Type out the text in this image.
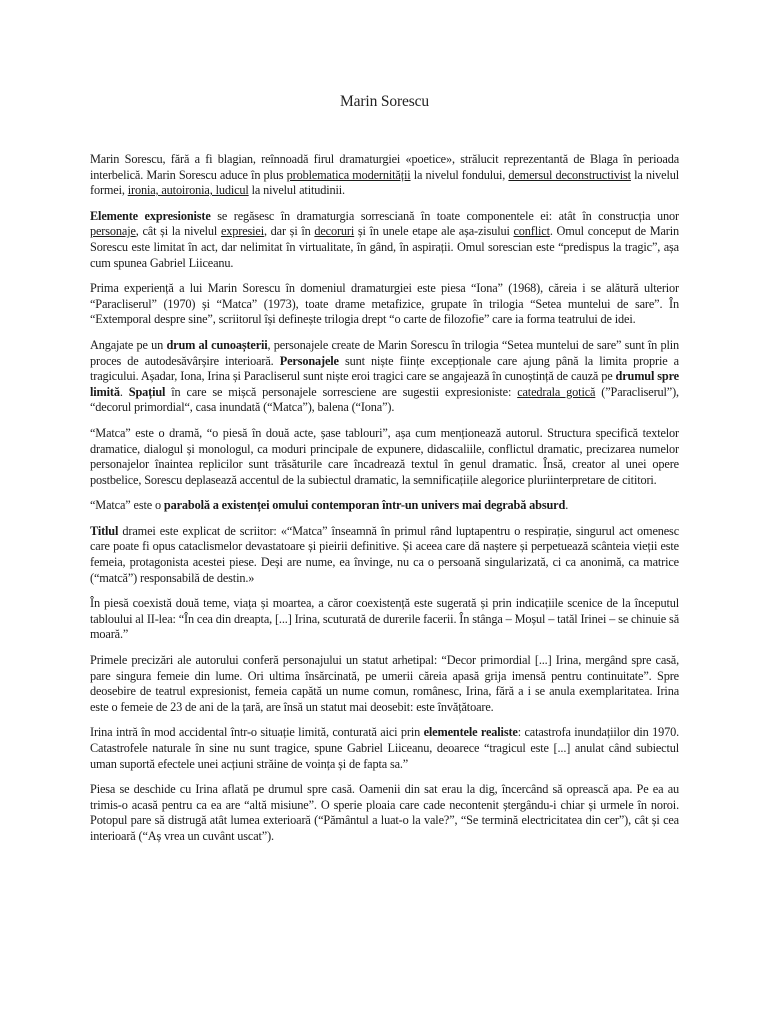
Marin Sorescu

Marin Sorescu, fără a fi blagian, reînnoadă firul dramaturgiei «poetice», strălucit reprezentantă de Blaga în perioada interbelică. Marin Sorescu aduce în plus problematica modernității la nivelul fondului, demersul deconstructivist la nivelul formei, ironia, autoironia, ludicul la nivelul atitudinii.

Elemente expresioniste se regăsesc în dramaturgia sorresciană în toate componentele ei: atât în construcția unor personaje, cât și la nivelul expresiei, dar și în decoruri și în unele etape ale așa-zisului conflict. Omul conceput de Marin Sorescu este limitat în act, dar nelimitat în virtualitate, în gând, în aspirații. Omul sorescian este “predispus la tragic”, așa cum spunea Gabriel Liiceanu.

Prima experiență a lui Marin Sorescu în domeniul dramaturgiei este piesa “Iona” (1968), căreia i se alătură ulterior “Paracliserul” (1970) și “Matca” (1973), toate drame metafizice, grupate în trilogia “Setea muntelui de sare”. În “Extemporal despre sine”, scriitorul își definește trilogia drept “o carte de filozofie” care ia forma teatrului de idei.

Angajate pe un drum al cunoașterii, personajele create de Marin Sorescu în trilogia “Setea muntelui de sare” sunt în plin proces de autodesăvârșire interioară. Personajele sunt niște ființe excepționale care ajung până la limita proprie a tragicului. Așadar, Iona, Irina și Paracliserul sunt niște eroi tragici care se angajează în cunoștință de cauză pe drumul spre limită. Spațiul în care se mișcă personajele sorresciene are sugestii expresioniste: catedrala gotică (”Paracliserul”), “decorul primordial“, casa inundată (“Matca”), balena (“Iona”).

“Matca” este o dramă, “o piesă în două acte, șase tablouri”, așa cum menționează autorul. Structura specifică textelor dramatice, dialogul și monologul, ca moduri principale de expunere, didascaliile, conflictul dramatic, precizarea numelor personajelor înaintea replicilor sunt trăsăturile care încadrează textul în genul dramatic. Însă, creator al unei opere postbelice, Sorescu deplasează accentul de la subiectul dramatic, la semnificațiile alegorice pluriinterpretare de cititori.

“Matca” este o parabolă a existenței omului contemporan într-un univers mai degrabă absurd.

Titlul dramei este explicat de scriitor: «“Matca” înseamnă în primul rând luptapentru o respirație, singurul act omenesc care poate fi opus cataclismelor devastatoare și pieirii definitive. Și aceea care dă naștere și perpetuează scânteia vieții este femeia, protagonista acestei piese. Deși are nume, ea învinge, nu ca o persoană singularizată, ci ca anonimă, ca matrice (“matcă”) responsabilă de destin.»

În piesă coexistă două teme, viața și moartea, a căror coexistență este sugerată și prin indicațiile scenice de la începutul tabloului al II-lea: “În cea din dreapta, [...] Irina, scuturată de durerile facerii. În stânga – Moșul – tatăl Irinei – se chinuie să moară.”

Primele precizări ale autorului conferă personajului un statut arhetipal: “Decor primordial [...] Irina, mergând spre casă, pare singura femeie din lume. Ori ultima însărcinată, pe umerii căreia apasă grija imensă pentru continuitate”. Spre deosebire de teatrul expresionist, femeia capătă un nume comun, românesc, Irina, fără a i se anula exemplaritatea. Irina este o femeie de 23 de ani de la țară, are însă un statut mai deosebit: este învățătoare.

Irina intră în mod accidental într-o situație limită, conturată aici prin elementele realiste: catastrofa inundațiilor din 1970. Catastrofele naturale în sine nu sunt tragice, spune Gabriel Liiceanu, deoarece “tragicul este [...] anulat când subiectul uman suportă efectele unei acțiuni străine de voința și de fapta sa.”

Piesa se deschide cu Irina aflată pe drumul spre casă. Oamenii din sat erau la dig, încercând să oprească apa. Pe ea au trimis-o acasă pentru ca ea are “altă misiune”. O sperie ploaia care cade necontenit ștergându-i chiar și urmele în noroi. Potopul pare să distrugă atât lumea exterioară (“Pământul a luat-o la vale?”, “Se termină electricitatea din cer”), cât și cea interioară (“Aș vrea un cuvânt uscat”).
